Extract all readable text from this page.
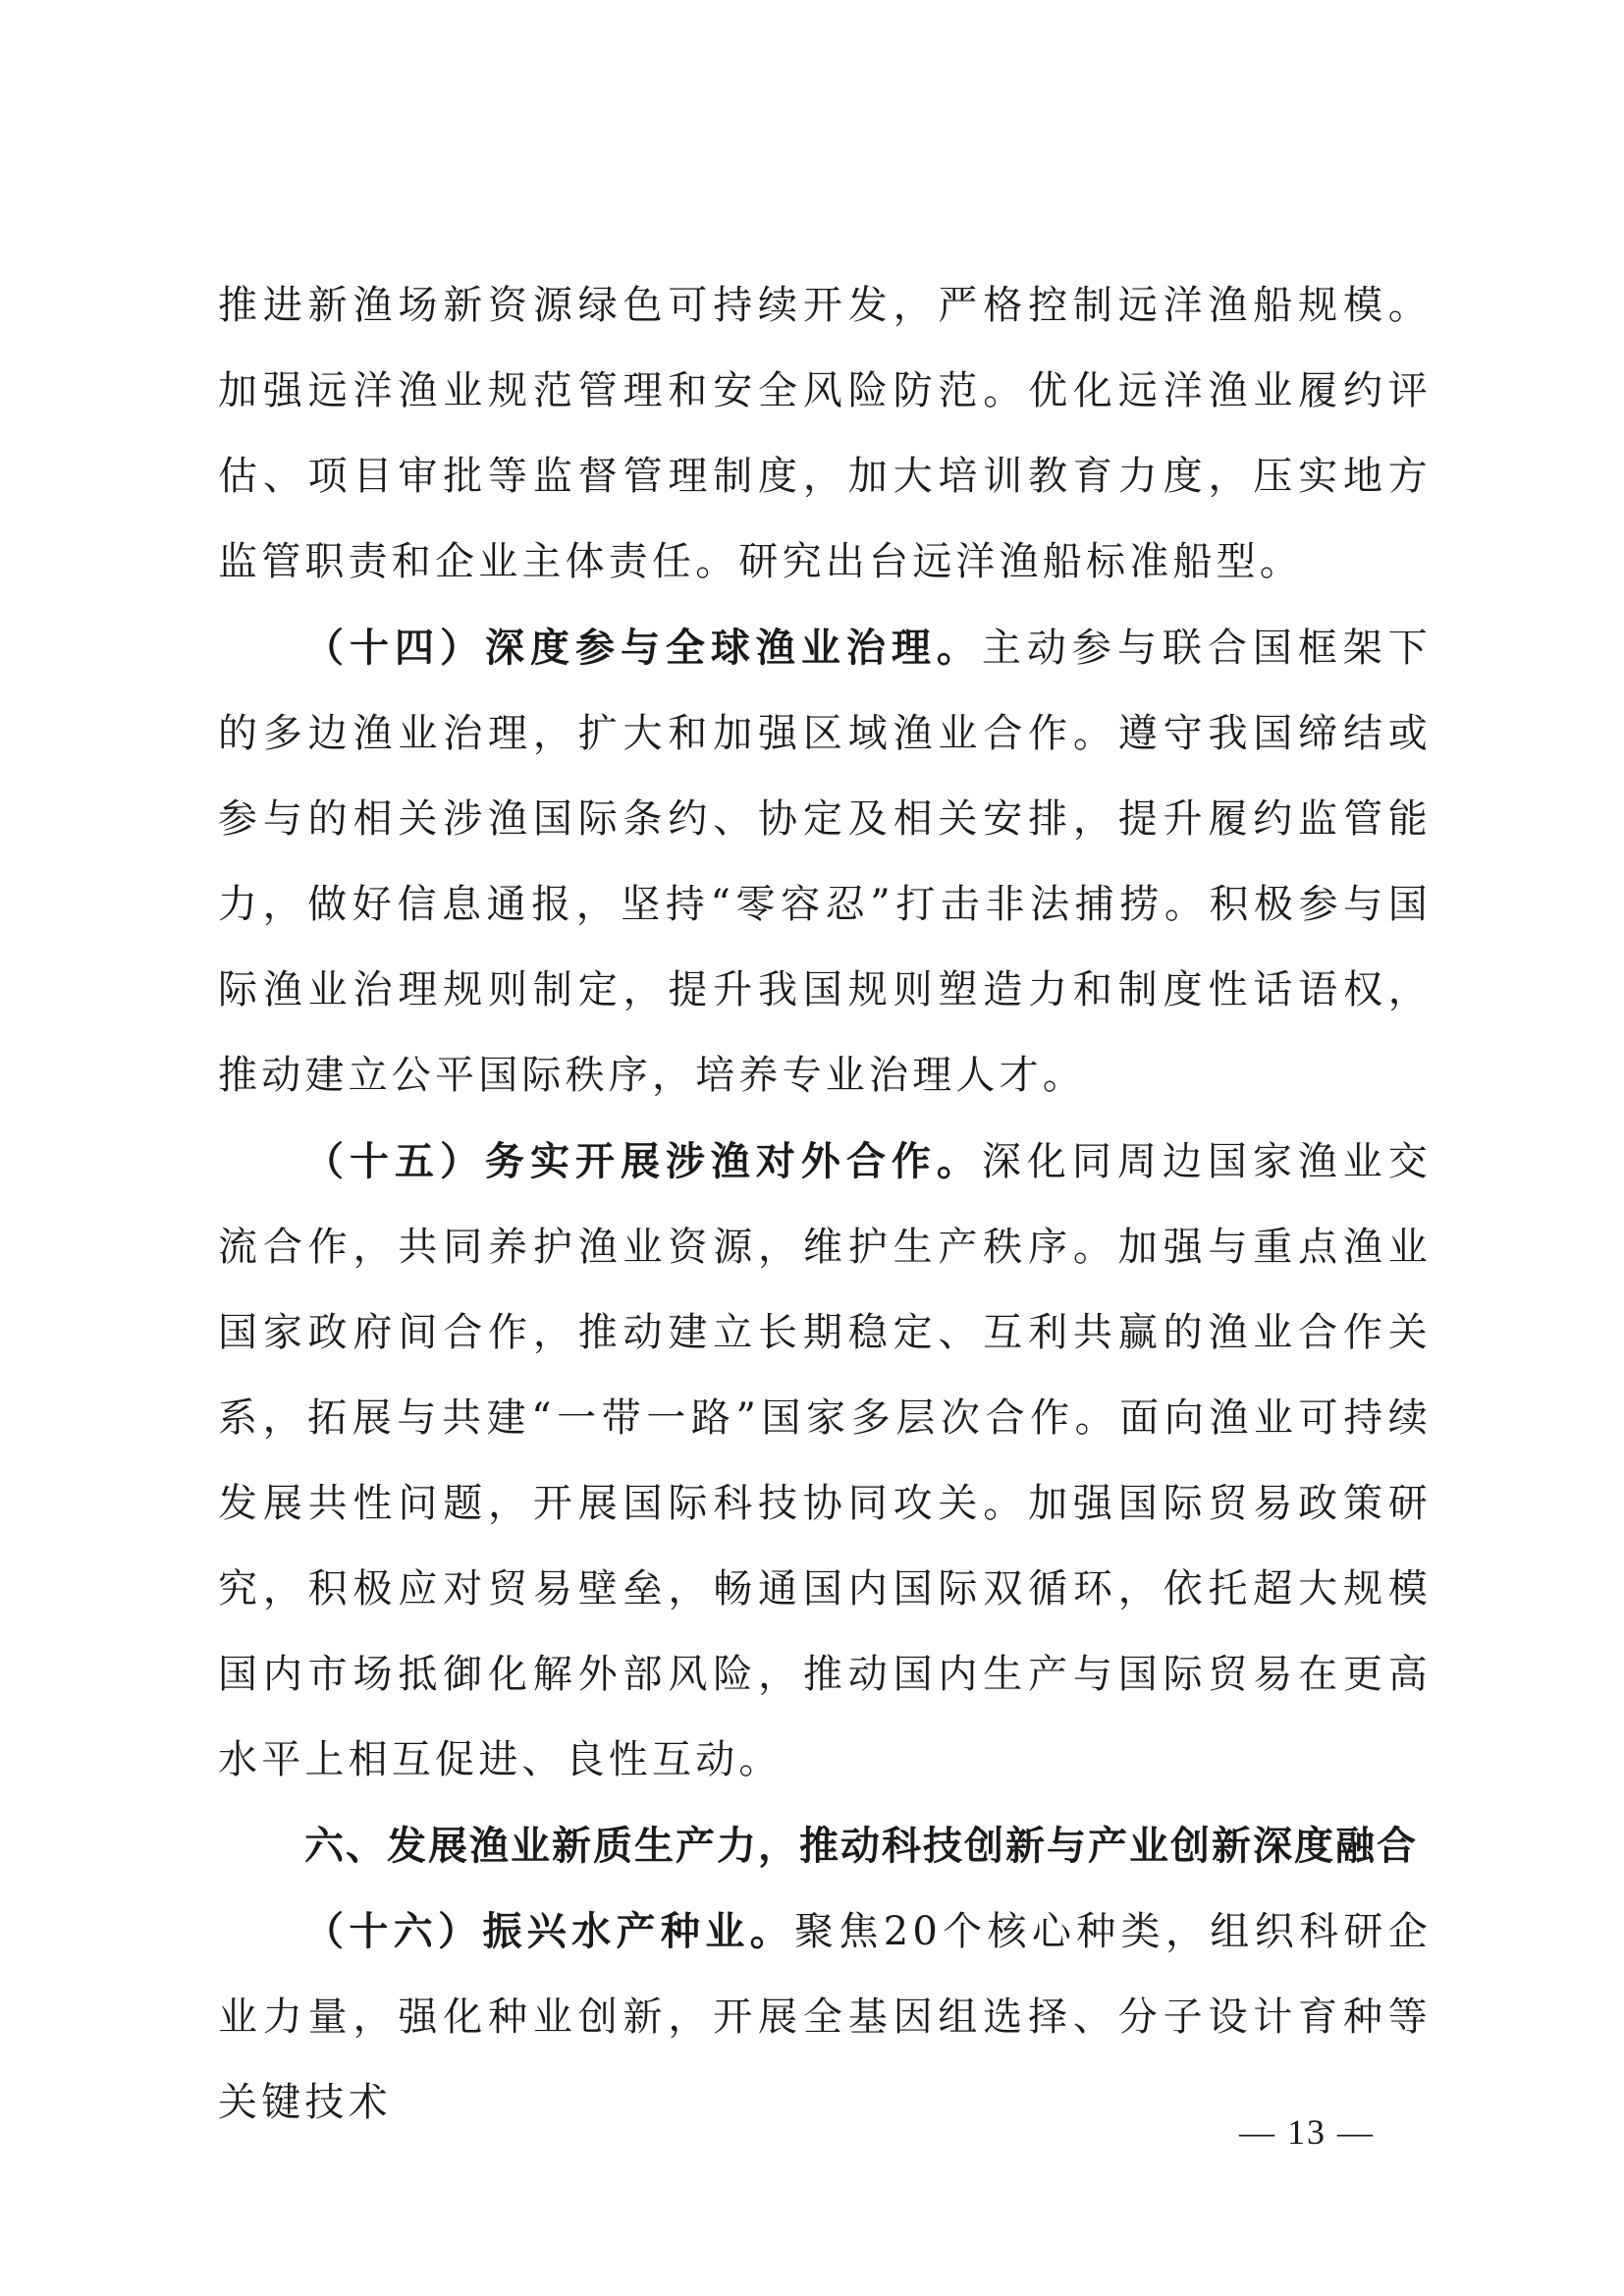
推进新渔场新资源绿色可持续开发，严格控制远洋渔船规模。加强远洋渔业规范管理和安全风险防范。优化远洋渔业履约评估、项目审批等监督管理制度，加大培训教育力度，压实地方监管职责和企业主体责任。研究出台远洋渔船标准船型。

（十四）深度参与全球渔业治理。主动参与联合国框架下的多边渔业治理，扩大和加强区域渔业合作。遵守我国缔结或参与的相关涉渔国际条约、协定及相关安排，提升履约监管能力，做好信息通报，坚持“零容忍”打击非法捕捞。积极参与国际渔业治理规则制定，提升我国规则塑造力和制度性话语权，推动建立公平国际秩序，培养专业治理人才。

（十五）务实开展涉渔对外合作。深化同周边国家渔业交流合作，共同养护渔业资源，维护生产秩序。加强与重点渔业国家政府间合作，推动建立长期稳定、互利共赢的渔业合作关系，拓展与共建“一带一路”国家多层次合作。面向渔业可持续发展共性问题，开展国际科技协同攻关。加强国际贸易政策研究，积极应对贸易壁垒，畅通国内国际双循环，依托超大规模国内市场抵御化解外部风险，推动国内生产与国际贸易在更高水平上相互促进、良性互动。

六、发展渔业新质生产力，推动科技创新与产业创新深度融合

（十六）振兴水产种业。聚焦20个核心种类，组织科研企业力量，强化种业创新，开展全基因组选择、分子设计育种等关键技术

— 13 —
